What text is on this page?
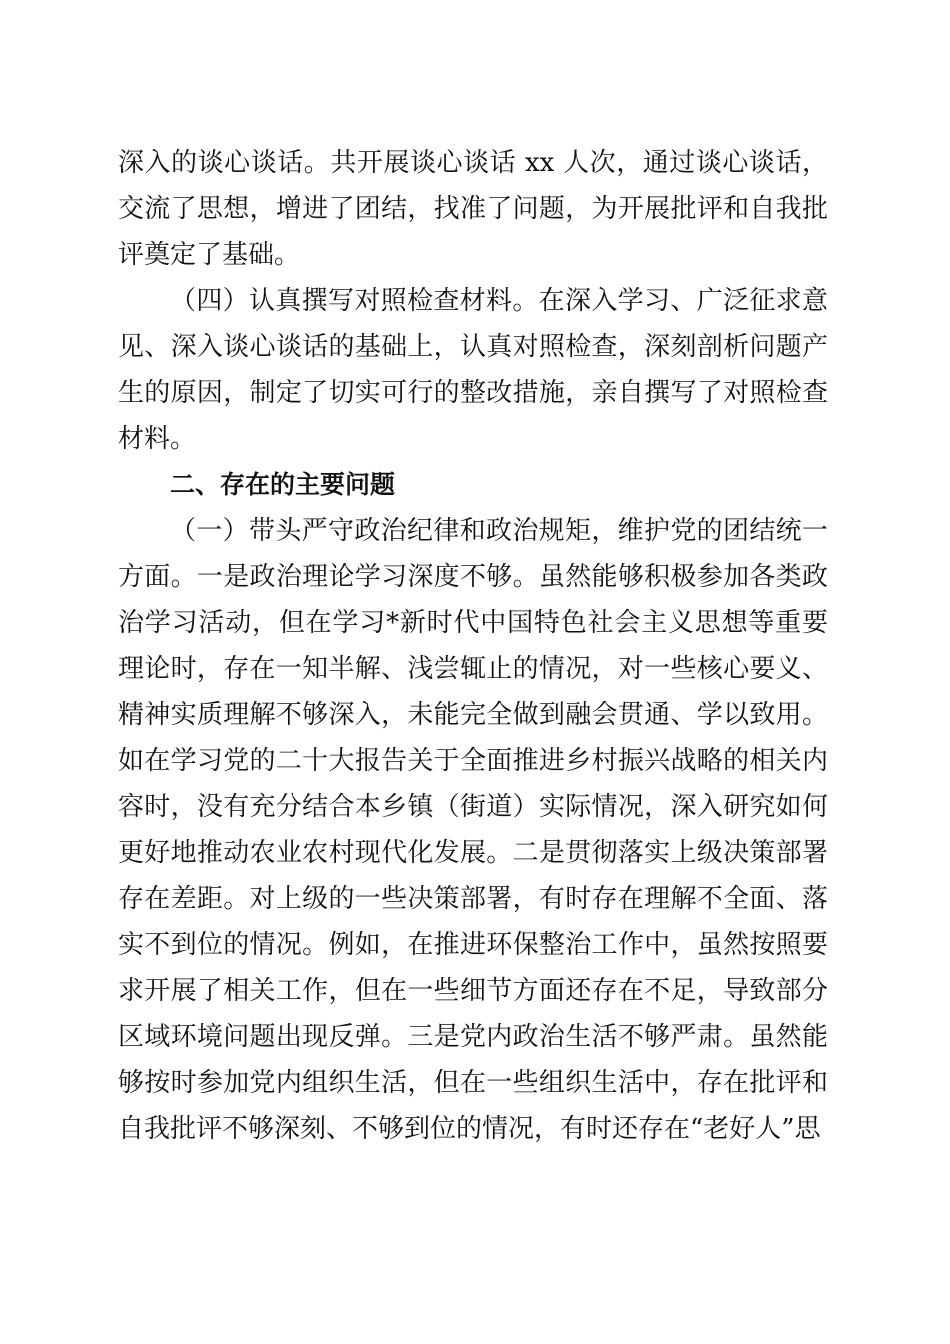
深入的谈心谈话。共开展谈心谈话 xx 人次，通过谈心谈话，交流了思想，增进了团结，找准了问题，为开展批评和自我批评奠定了基础。

（四）认真撰写对照检查材料。在深入学习、广泛征求意见、深入谈心谈话的基础上，认真对照检查，深刻剖析问题产生的原因，制定了切实可行的整改措施，亲自撰写了对照检查材料。

二、存在的主要问题

（一）带头严守政治纪律和政治规矩，维护党的团结统一方面。一是政治理论学习深度不够。虽然能够积极参加各类政治学习活动，但在学习*新时代中国特色社会主义思想等重要理论时，存在一知半解、浅尝辄止的情况，对一些核心要义、精神实质理解不够深入，未能完全做到融会贯通、学以致用。如在学习党的二十大报告关于全面推进乡村振兴战略的相关内容时，没有充分结合本乡镇（街道）实际情况，深入研究如何更好地推动农业农村现代化发展。二是贯彻落实上级决策部署存在差距。对上级的一些决策部署，有时存在理解不全面、落实不到位的情况。例如，在推进环保整治工作中，虽然按照要求开展了相关工作，但在一些细节方面还存在不足，导致部分区域环境问题出现反弹。三是党内政治生活不够严肃。虽然能够按时参加党内组织生活，但在一些组织生活中，存在批评和自我批评不够深刻、不够到位的情况，有时还存在“老好人”思
